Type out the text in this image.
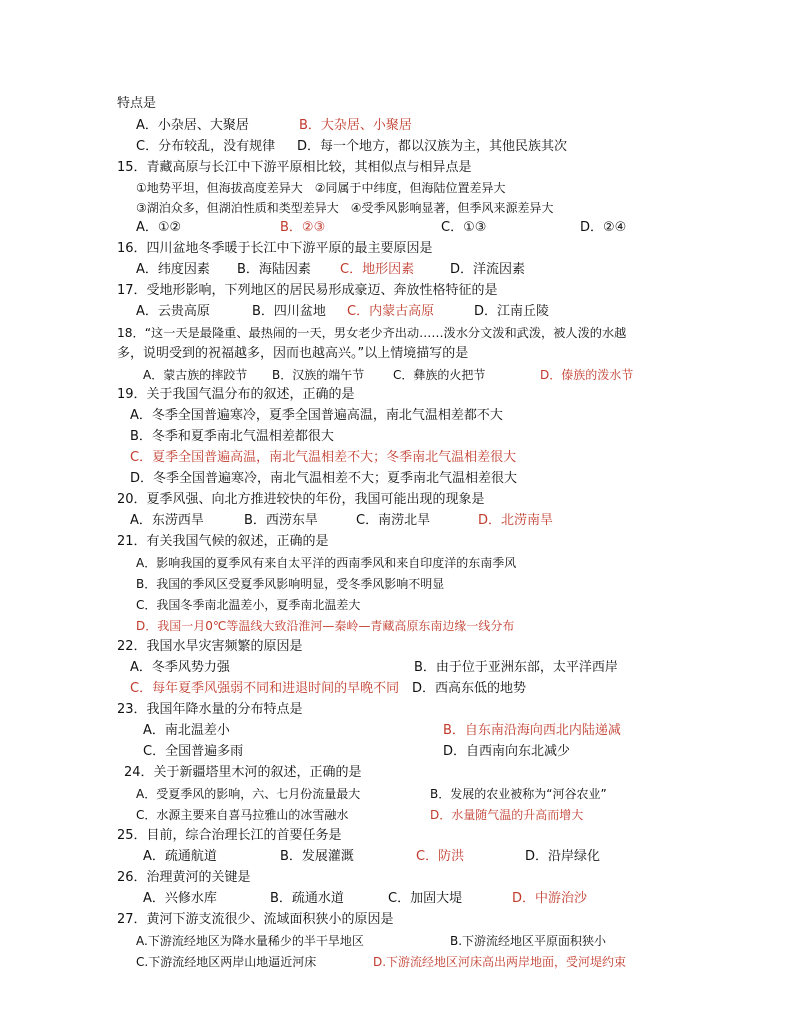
特点是
A．小杂居、大聚居	B．大杂居、小聚居
C．分布较乱，没有规律 D．每一个地方，都以汉族为主，其他民族其次
15．青藏高原与长江中下游平原相比较，其相似点与相异点是
①地势平坦，但海拔高度差异大　②同属于中纬度，但海陆位置差异大
③湖泊众多，但湖泊性质和类型差异大　④受季风影响显著，但季风来源差异大
A．①②	B．②③	C．①③	D．②④
16．四川盆地冬季暖于长江中下游平原的最主要原因是
A．纬度因素 B．海陆因素 C．地形因素	D．洋流因素
17．受地形影响，下列地区的居民易形成豪迈、奔放性格特征的是
A．云贵高原	B．四川盆地 C．内蒙古高原	D．江南丘陵
18．“这一天是最隆重、最热闹的一天，男女老少齐出动……泼水分文泼和武泼，被人泼的水越
多，说明受到的祝福越多，因而也越高兴。”以上情境描写的是
A．蒙古族的摔跤节 B．汉族的端午节 C．彝族的火把节	D．傣族的泼水节
19．关于我国气温分布的叙述，正确的是
A．冬季全国普遍寒冷，夏季全国普遍高温，南北气温相差都不大
B．冬季和夏季南北气温相差都很大
C．夏季全国普遍高温，南北气温相差不大；冬季南北气温相差很大
D．冬季全国普遍寒冷，南北气温相差不大；夏季南北气温相差很大
20．夏季风强、向北方推进较快的年份，我国可能出现的现象是
A．东涝西旱	B．西涝东旱	C．南涝北旱	D．北涝南旱
21．有关我国气候的叙述，正确的是
A．影响我国的夏季风有来自太平洋的西南季风和来自印度洋的东南季风
B．我国的季风区受夏季风影响明显，受冬季风影响不明显
C．我国冬季南北温差小，夏季南北温差大
D．我国一月0℃等温线大致沿淮河—秦岭—青藏高原东南边缘一线分布
22．我国水旱灾害频繁的原因是
A．冬季风势力强	B．由于位于亚洲东部，太平洋西岸
C．每年夏季风强弱不同和进退时间的早晚不同 D．西高东低的地势
23．我国年降水量的分布特点是
A．南北温差小	B．自东南沿海向西北内陆递减
C．全国普遍多雨	D．自西南向东北减少
24．关于新疆塔里木河的叙述，正确的是
A．受夏季风的影响，六、七月份流量最大	B．发展的农业被称为“河谷农业”
C．水源主要来自喜马拉雅山的冰雪融水	D．水量随气温的升高而增大
25．目前，综合治理长江的首要任务是
A．疏通航道	B．发展灌溉	C．防洪	D．沿岸绿化
26．治理黄河的关键是
A．兴修水库	B．疏通水道	C．加固大堤	D．中游治沙
27．黄河下游支流很少、流域面积狭小的原因是
A.下游流经地区为降水量稀少的半干旱地区	B.下游流经地区平原面积狭小
C.下游流经地区两岸山地逼近河床	D.下游流经地区河床高出两岸地面，受河堤约束
